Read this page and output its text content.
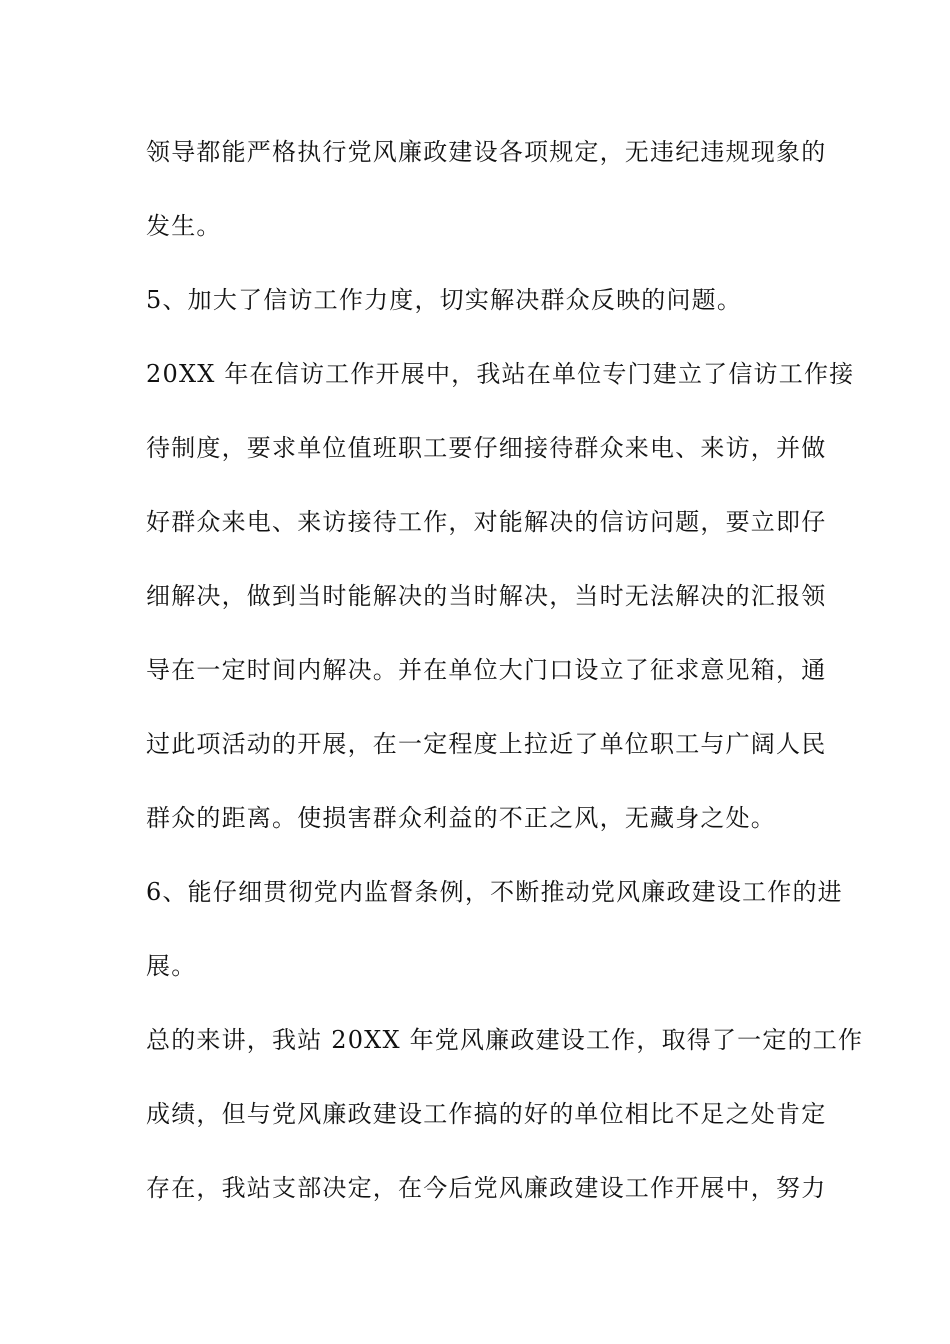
领导都能严格执行党风廉政建设各项规定，无违纪违规现象的
发生。
5、加大了信访工作力度，切实解决群众反映的问题。
20XX 年在信访工作开展中，我站在单位专门建立了信访工作接
待制度，要求单位值班职工要仔细接待群众来电、来访，并做
好群众来电、来访接待工作，对能解决的信访问题，要立即仔
细解决，做到当时能解决的当时解决，当时无法解决的汇报领
导在一定时间内解决。并在单位大门口设立了征求意见箱，通
过此项活动的开展，在一定程度上拉近了单位职工与广阔人民
群众的距离。使损害群众利益的不正之风，无藏身之处。
6、能仔细贯彻党内监督条例，不断推动党风廉政建设工作的进
展。
总的来讲，我站 20XX 年党风廉政建设工作，取得了一定的工作
成绩，但与党风廉政建设工作搞的好的单位相比不足之处肯定
存在，我站支部决定，在今后党风廉政建设工作开展中，努力
